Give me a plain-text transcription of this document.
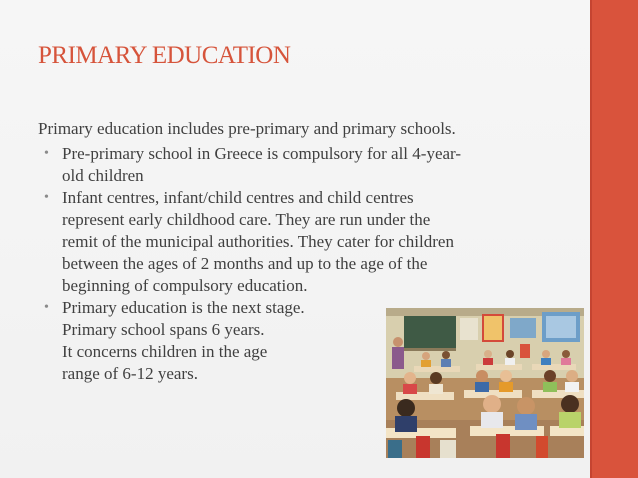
PRIMARY EDUCATION

Primary education includes pre-primary and primary schools.

• Pre-primary school in Greece is compulsory for all 4-year-
old children
• Infant centres, infant/child centres and child centres
represent early childhood care. They are run under the
remit of the municipal authorities. They cater for children
between the ages of 2 months and up to the age of the
beginning of compulsory education.
• Primary education is the next stage.
Primary school spans 6 years.
It concerns children in the age
range of 6-12 years.
